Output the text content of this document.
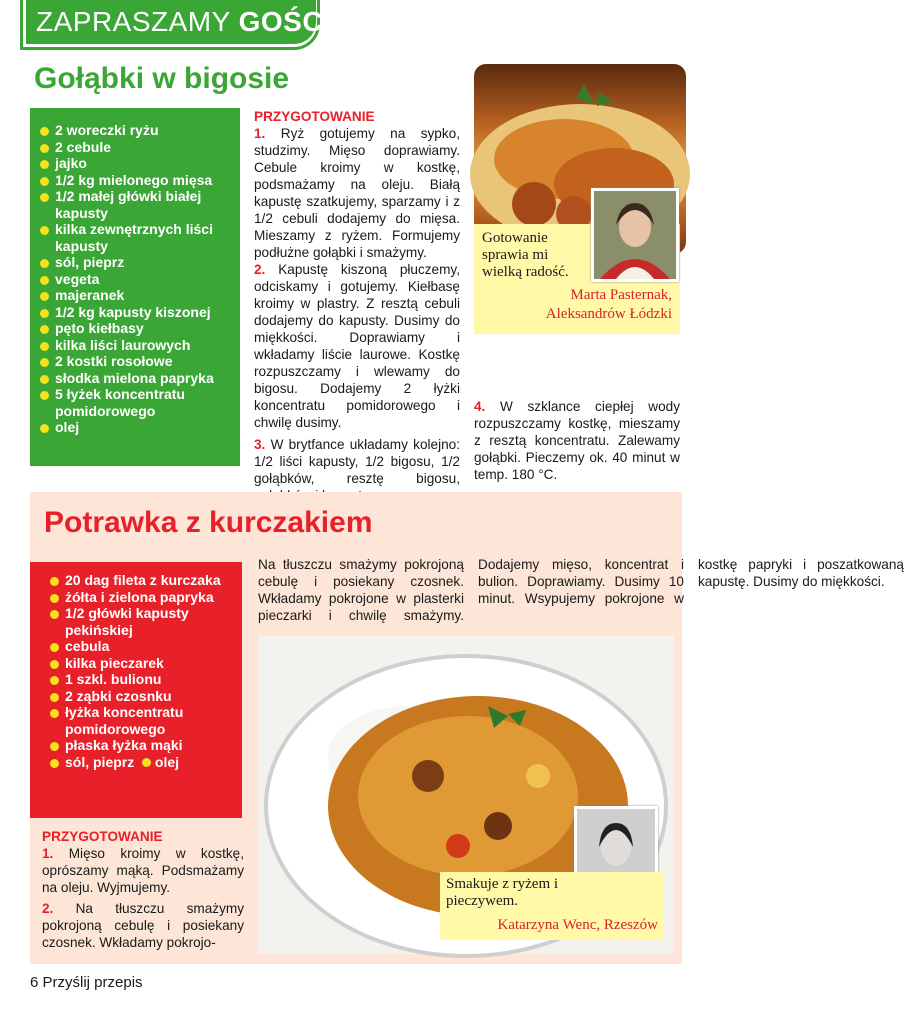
ZAPRASZAMY GOŚCI
Gołąbki w bigosie
2 woreczki ryżu
2 cebule
jajko
1/2 kg mielonego mięsa
1/2 małej główki białej kapusty
kilka zewnętrznych liści kapusty
sól, pieprz
vegeta
majeranek
1/2 kg kapusty kiszonej
pęto kiełbasy
kilka liści laurowych
2 kostki rosołowe
słodka mielona papryka
5 łyżek koncentratu pomidorowego
olej
PRZYGOTOWANIE
1. Ryż gotujemy na sypko, studzimy. Mięso doprawiamy. Cebule kroimy w kostkę, podsmażamy na oleju. Białą kapustę szatkujemy, sparzamy i z 1/2 cebuli dodajemy do mięsa. Mieszamy z ryżem. Formujemy podłużne gołąbki i smażymy.
2. Kapustę kiszoną płuczemy, odciskamy i gotujemy. Kiełbasę kroimy w plastry. Z resztą cebuli dodajemy do kapusty. Dusimy do miękkości. Doprawiamy i wkładamy liście laurowe. Kostkę rozpuszczamy i wlewamy do bigosu. Dodajemy 2 łyżki koncentratu pomidorowego i chwilę dusimy.
3. W brytfance układamy kolejno: 1/2 liści kapusty, 1/2 bigosu, 1/2 gołąbków, resztę bigosu,
4. W szklance ciepłej wody rozpuszczamy kostkę, mieszamy z resztą koncentratu. Zalewamy gołąbki. Pieczemy ok. 40 minut w temp. 180 °C.
Gotowanie sprawia mi wielką radość.
Marta Pasternak,
Aleksandrów Łódzki
Potrawka z kurczakiem
20 dag fileta z kurczaka
żółta i zielona papryka
1/2 główki kapusty pekińskiej
cebula
kilka pieczarek
1 szkl. bulionu
2 ząbki czosnku
łyżka koncentratu pomidorowego
płaska łyżka mąki
sól, pieprz olej
PRZYGOTOWANIE
1. Mięso kroimy w kostkę, oprószamy mąką. Podsmażamy na oleju. Wyjmujemy.
Na tłuszczu smażymy pokrojoną cebulę i posiekany czosnek. Wkładamy pokrojone w plasterki pieczarki i chwilę smażymy. Dodajemy mięso, koncentrat i bulion. Doprawiamy. Dusimy 10 minut. Wsypujemy pokrojone w kostkę papryki i poszatkowaną kapustę. Dusimy do miękkości.
2. Na tłuszczu smażymy pokrojoną cebulę i posiekany czosnek. Wkładamy pokrojo-
Smakuje z ryżem i pieczywem.
Katarzyna Wenc, Rzeszów
6 Przyślij przepis
